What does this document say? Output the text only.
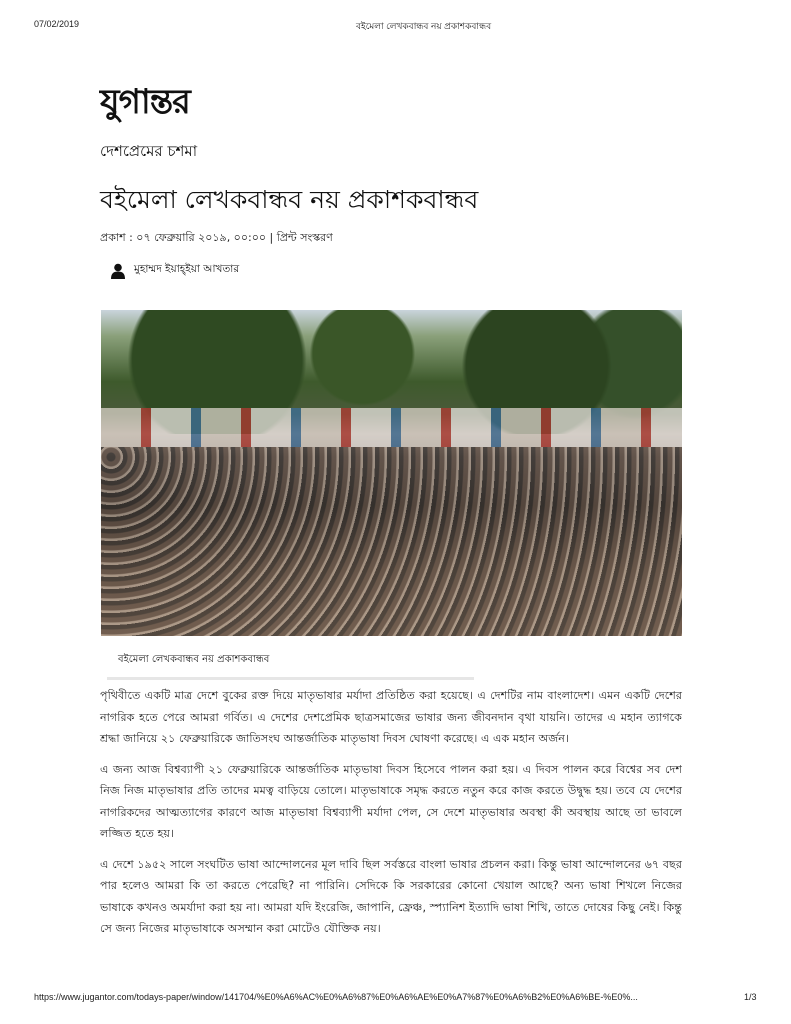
07/02/2019	বইমেলা লেখকবান্ধব নয় প্রকাশকবান্ধব
যুগান্তর
দেশপ্রেমের চশমা
বইমেলা লেখকবান্ধব নয় প্রকাশকবান্ধব
প্রকাশ : ০৭ ফেব্রুয়ারি ২০১৯, ০০:০০ | প্রিন্ট সংস্করণ
মুহাম্মদ ইয়াহ্ইয়া আখতার
বইমেলা লেখকবান্ধব নয় প্রকাশকবান্ধব

পৃথিবীতে একটি মাত্র দেশে বুকের রক্ত দিয়ে মাতৃভাষার মর্যাদা প্রতিষ্ঠিত করা হয়েছে। এ দেশটির নাম বাংলাদেশ। এমন একটি দেশের নাগরিক হতে পেরে আমরা গর্বিত। এ দেশের দেশপ্রেমিক ছাত্রসমাজের ভাষার জন্য জীবনদান বৃথা যায়নি। তাদের এ মহান ত্যাগকে শ্রদ্ধা জানিয়ে ২১ ফেব্রুয়ারিকে জাতিসংঘ আন্তর্জাতিক মাতৃভাষা দিবস ঘোষণা করেছে। এ এক মহান অর্জন।

এ জন্য আজ বিশ্বব্যাপী ২১ ফেব্রুয়ারিকে আন্তর্জাতিক মাতৃভাষা দিবস হিসেবে পালন করা হয়। এ দিবস পালন করে বিশ্বের সব দেশ নিজ নিজ মাতৃভাষার প্রতি তাদের মমত্ব বাড়িয়ে তোলে। মাতৃভাষাকে সমৃদ্ধ করতে নতুন করে কাজ করতে উদ্বুদ্ধ হয়। তবে যে দেশের নাগরিকদের আত্মত্যাগের কারণে আজ মাতৃভাষা বিশ্বব্যাপী মর্যাদা পেল, সে দেশে মাতৃভাষার অবস্থা কী অবস্থায় আছে তা ভাবলে লজ্জিত হতে হয়।

এ দেশে ১৯৫২ সালে সংঘটিত ভাষা আন্দোলনের মূল দাবি ছিল সর্বস্তরে বাংলা ভাষার প্রচলন করা। কিন্তু ভাষা আন্দোলনের ৬৭ বছর পার হলেও আমরা কি তা করতে পেরেছি? না পারিনি। সেদিকে কি সরকারের কোনো খেয়াল আছে? অন্য ভাষা শিখলে নিজের ভাষাকে কখনও অমর্যাদা করা হয় না। আমরা যদি ইংরেজি, জাপানি, ফ্রেঞ্চ, স্প্যানিশ ইত্যাদি ভাষা শিখি, তাতে দোষের কিছু নেই। কিন্তু সে জন্য নিজের মাতৃভাষাকে অসম্মান করা মোটেও যৌক্তিক নয়।

https://www.jugantor.com/todays-paper/window/141704/%E0%A6%AC%E0%A6%87%E0%A6%AE%E0%A7%87%E0%A6%B2%E0%A6%BE-%E0%...	1/3
